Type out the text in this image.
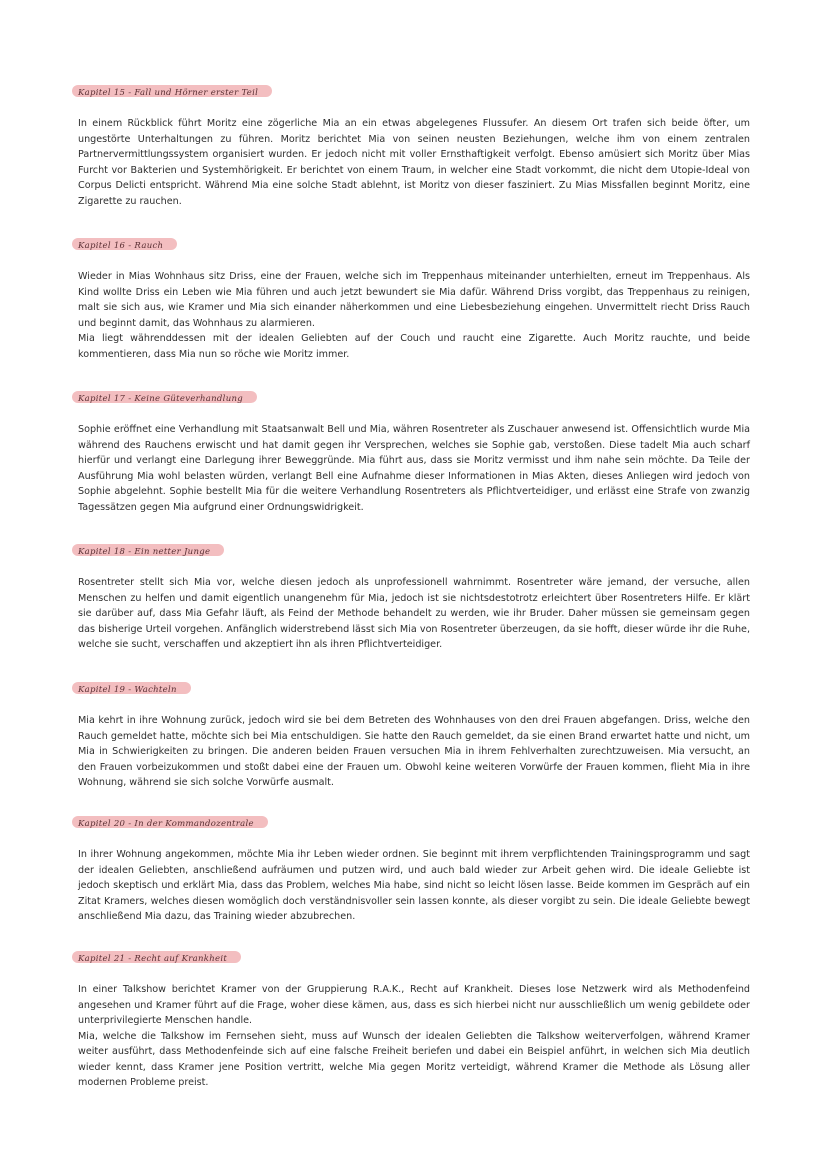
Kapitel 15 - Fall und Hörner erster Teil

In einem Rückblick führt Moritz eine zögerliche Mia an ein etwas abgelegenes Flussufer. An diesem Ort trafen sich beide öfter, um ungestörte Unterhaltungen zu führen. Moritz berichtet Mia von seinen neusten Beziehungen, welche ihm von einem zentralen Partnervermittlungssystem organisiert wurden. Er jedoch nicht mit voller Ernsthaftigkeit verfolgt. Ebenso amüsiert sich Moritz über Mias Furcht vor Bakterien und Systemhörigkeit. Er berichtet von einem Traum, in welcher eine Stadt vorkommt, die nicht dem Utopie-Ideal von Corpus Delicti entspricht. Während Mia eine solche Stadt ablehnt, ist Moritz von dieser fasziniert. Zu Mias Missfallen beginnt Moritz, eine Zigarette zu rauchen.

Kapitel 16 - Rauch

Wieder in Mias Wohnhaus sitz Driss, eine der Frauen, welche sich im Treppenhaus miteinander unterhielten, erneut im Treppenhaus. Als Kind wollte Driss ein Leben wie Mia führen und auch jetzt bewundert sie Mia dafür. Während Driss vorgibt, das Treppenhaus zu reinigen, malt sie sich aus, wie Kramer und Mia sich einander näherkommen und eine Liebesbeziehung eingehen. Unvermittelt riecht Driss Rauch und beginnt damit, das Wohnhaus zu alarmieren.

Mia liegt währenddessen mit der idealen Geliebten auf der Couch und raucht eine Zigarette. Auch Moritz rauchte, und beide kommentieren, dass Mia nun so röche wie Moritz immer.

Kapitel 17 - Keine Güteverhandlung

Sophie eröffnet eine Verhandlung mit Staatsanwalt Bell und Mia, währen Rosentreter als Zuschauer anwesend ist. Offensichtlich wurde Mia während des Rauchens erwischt und hat damit gegen ihr Versprechen, welches sie Sophie gab, verstoßen. Diese tadelt Mia auch scharf hierfür und verlangt eine Darlegung ihrer Beweggründe. Mia führt aus, dass sie Moritz vermisst und ihm nahe sein möchte. Da Teile der Ausführung Mia wohl belasten würden, verlangt Bell eine Aufnahme dieser Informationen in Mias Akten, dieses Anliegen wird jedoch von Sophie abgelehnt. Sophie bestellt Mia für die weitere Verhandlung Rosentreters als Pflichtverteidiger, und erlässt eine Strafe von zwanzig Tagessätzen gegen Mia aufgrund einer Ordnungswidrigkeit.

Kapitel 18 - Ein netter Junge

Rosentreter stellt sich Mia vor, welche diesen jedoch als unprofessionell wahrnimmt. Rosentreter wäre jemand, der versuche, allen Menschen zu helfen und damit eigentlich unangenehm für Mia, jedoch ist sie nichtsdestotrotz erleichtert über Rosentreters Hilfe. Er klärt sie darüber auf, dass Mia Gefahr läuft, als Feind der Methode behandelt zu werden, wie ihr Bruder. Daher müssen sie gemeinsam gegen das bisherige Urteil vorgehen. Anfänglich widerstrebend lässt sich Mia von Rosentreter überzeugen, da sie hofft, dieser würde ihr die Ruhe, welche sie sucht, verschaffen und akzeptiert ihn als ihren Pflichtverteidiger.

Kapitel 19 - Wachteln

Mia kehrt in ihre Wohnung zurück, jedoch wird sie bei dem Betreten des Wohnhauses von den drei Frauen abgefangen. Driss, welche den Rauch gemeldet hatte, möchte sich bei Mia entschuldigen. Sie hatte den Rauch gemeldet, da sie einen Brand erwartet hatte und nicht, um Mia in Schwierigkeiten zu bringen. Die anderen beiden Frauen versuchen Mia in ihrem Fehlverhalten zurechtzuweisen. Mia versucht, an den Frauen vorbeizukommen und stoßt dabei eine der Frauen um. Obwohl keine weiteren Vorwürfe der Frauen kommen, flieht Mia in ihre Wohnung, während sie sich solche Vorwürfe ausmalt.

Kapitel 20 - In der Kommandozentrale

In ihrer Wohnung angekommen, möchte Mia ihr Leben wieder ordnen. Sie beginnt mit ihrem verpflichtenden Trainingsprogramm und sagt der idealen Geliebten, anschließend aufräumen und putzen wird, und auch bald wieder zur Arbeit gehen wird. Die ideale Geliebte ist jedoch skeptisch und erklärt Mia, dass das Problem, welches Mia habe, sind nicht so leicht lösen lasse. Beide kommen im Gespräch auf ein Zitat Kramers, welches diesen womöglich doch verständnisvoller sein lassen konnte, als dieser vorgibt zu sein. Die ideale Geliebte bewegt anschließend Mia dazu, das Training wieder abzubrechen.

Kapitel 21 - Recht auf Krankheit

In einer Talkshow berichtet Kramer von der Gruppierung R.A.K., Recht auf Krankheit. Dieses lose Netzwerk wird als Methodenfeind angesehen und Kramer führt auf die Frage, woher diese kämen, aus, dass es sich hierbei nicht nur ausschließlich um wenig gebildete oder unterprivilegierte Menschen handle.

Mia, welche die Talkshow im Fernsehen sieht, muss auf Wunsch der idealen Geliebten die Talkshow weiterverfolgen, während Kramer weiter ausführt, dass Methodenfeinde sich auf eine falsche Freiheit beriefen und dabei ein Beispiel anführt, in welchen sich Mia deutlich wieder kennt, dass Kramer jene Position vertritt, welche Mia gegen Moritz verteidigt, während Kramer die Methode als Lösung aller modernen Probleme preist.
